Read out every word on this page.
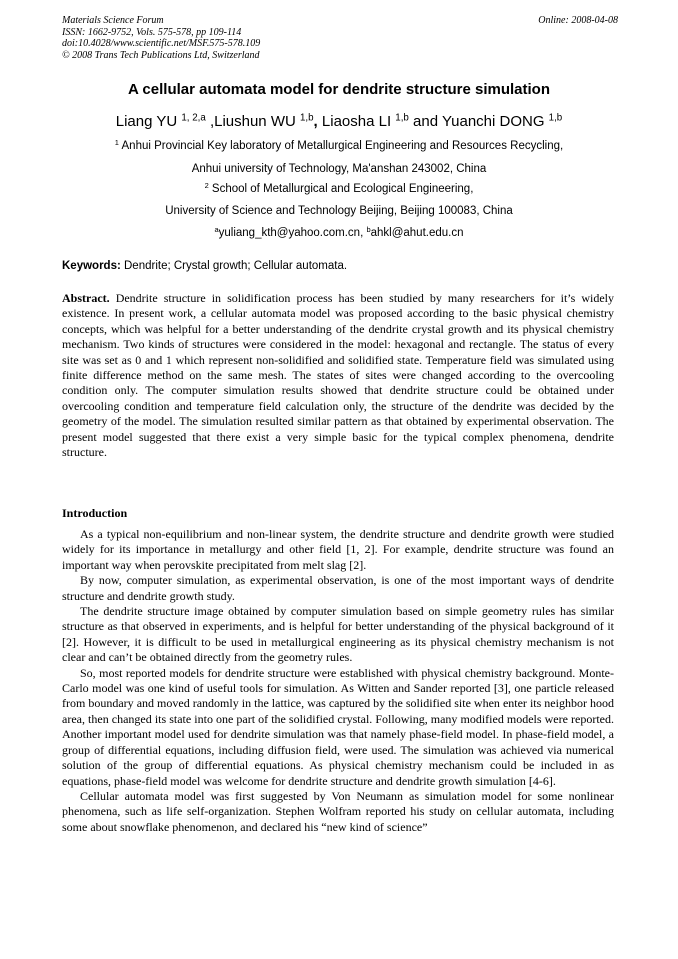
Materials Science Forum
ISSN: 1662-9752, Vols. 575-578, pp 109-114
doi:10.4028/www.scientific.net/MSF.575-578.109
© 2008 Trans Tech Publications Ltd, Switzerland
Online: 2008-04-08
A cellular automata model for dendrite structure simulation
Liang YU $^{1, 2,a}$ ,Liushun WU $^{1,b}$, Liaosha LI $^{1,b}$ and Yuanchi DONG $^{1,b}$
$^1$ Anhui Provincial Key laboratory of Metallurgical Engineering and Resources Recycling,
Anhui university of Technology, Ma'anshan 243002, China
$^2$ School of Metallurgical and Ecological Engineering,
University of Science and Technology Beijing, Beijing 100083, China
$^a$yuliang_kth@yahoo.com.cn, $^b$ahkl@ahut.edu.cn
Keywords: Dendrite; Crystal growth; Cellular automata.

Abstract. Dendrite structure in solidification process has been studied by many researchers for it’s widely existence. In present work, a cellular automata model was proposed according to the basic physical chemistry concepts, which was helpful for a better understanding of the dendrite crystal growth and its physical chemistry mechanism. Two kinds of structures were considered in the model: hexagonal and rectangle. The status of every site was set as 0 and 1 which represent non-solidified and solidified state. Temperature field was simulated using finite difference method on the same mesh. The states of sites were changed according to the overcooling condition only. The computer simulation results showed that dendrite structure could be obtained under overcooling condition and temperature field calculation only, the structure of the dendrite was decided by the geometry of the model. The simulation resulted similar pattern as that obtained by experimental observation. The present model suggested that there exist a very simple basic for the typical complex phenomena, dendrite structure.

Introduction

As a typical non-equilibrium and non-linear system, the dendrite structure and dendrite growth were studied widely for its importance in metallurgy and other field [1, 2]. For example, dendrite structure was found an important way when perovskite precipitated from melt slag [2].

By now, computer simulation, as experimental observation, is one of the most important ways of dendrite structure and dendrite growth study.

The dendrite structure image obtained by computer simulation based on simple geometry rules has similar structure as that observed in experiments, and is helpful for better understanding of the physical background of it [2]. However, it is difficult to be used in metallurgical engineering as its physical chemistry mechanism is not clear and can’t be obtained directly from the geometry rules.

So, most reported models for dendrite structure were established with physical chemistry background. Monte-Carlo model was one kind of useful tools for simulation. As Witten and Sander reported [3], one particle released from boundary and moved randomly in the lattice, was captured by the solidified site when enter its neighbor hood area, then changed its state into one part of the solidified crystal. Following, many modified models were reported. Another important model used for dendrite simulation was that namely phase-field model. In phase-field model, a group of differential equations, including diffusion field, were used. The simulation was achieved via numerical solution of the group of differential equations. As physical chemistry mechanism could be included in as equations, phase-field model was welcome for dendrite structure and dendrite growth simulation [4-6].

Cellular automata model was first suggested by Von Neumann as simulation model for some nonlinear phenomena, such as life self-organization. Stephen Wolfram reported his study on cellular automata, including some about snowflake phenomenon, and declared his “new kind of science”
